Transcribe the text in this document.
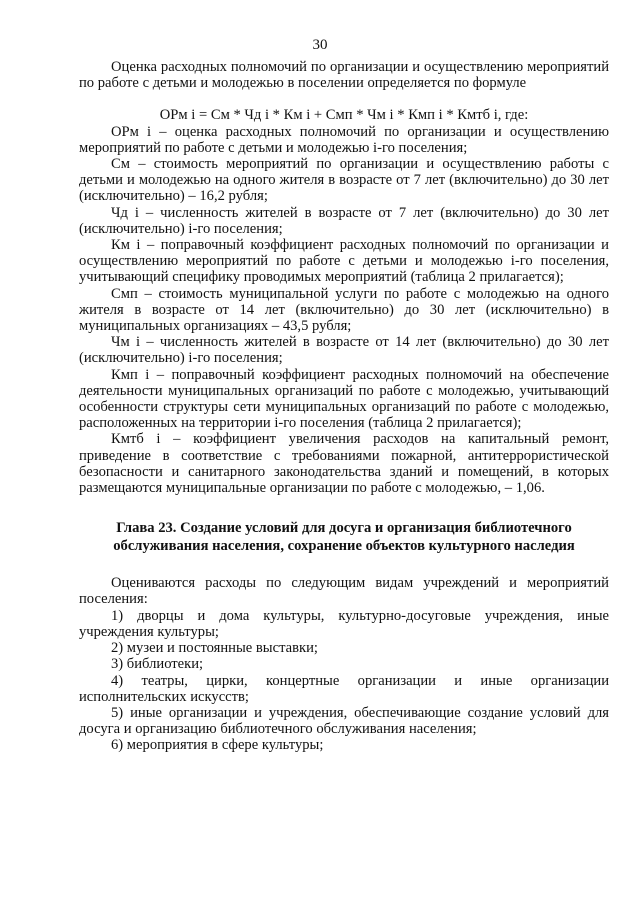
30

Оценка расходных полномочий по организации и осуществлению мероприятий по работе с детьми и молодежью в поселении определяется по формуле

ОРм i = См * Чд i * Км i + Смп * Чм i * Кмп i * Кмтб i, где:

ОРм i – оценка расходных полномочий по организации и осуществлению мероприятий по работе с детьми и молодежью i-го поселения;

См – стоимость мероприятий по организации и осуществлению работы с детьми и молодежью на одного жителя в возрасте от 7 лет (включительно) до 30 лет (исключительно) – 16,2 рубля;

Чд i – численность жителей в возрасте от 7 лет (включительно) до 30 лет (исключительно) i-го поселения;

Км i – поправочный коэффициент расходных полномочий по организации и осуществлению мероприятий по работе с детьми и молодежью i-го поселения, учитывающий специфику проводимых мероприятий (таблица 2 прилагается);

Смп – стоимость муниципальной услуги по работе с молодежью на одного жителя в возрасте от 14 лет (включительно) до 30 лет (исключительно) в муниципальных организациях – 43,5 рубля;

Чм i – численность жителей в возрасте от 14 лет (включительно) до 30 лет (исключительно) i-го поселения;

Кмп i – поправочный коэффициент расходных полномочий на обеспечение деятельности муниципальных организаций по работе с молодежью, учитывающий особенности структуры сети муниципальных организаций по работе с молодежью, расположенных на территории i-го поселения (таблица 2 прилагается);

Кмтб i – коэффициент увеличения расходов на капитальный ремонт, приведение в соответствие с требованиями пожарной, антитеррористической безопасности и санитарного законодательства зданий и помещений, в которых размещаются муниципальные организации по работе с молодежью, – 1,06.

Глава 23. Создание условий для досуга и организация библиотечного
обслуживания населения, сохранение объектов культурного наследия

Оцениваются расходы по следующим видам учреждений и мероприятий поселения:

1) дворцы и дома культуры, культурно-досуговые учреждения, иные учреждения культуры;

2) музеи и постоянные выставки;

3) библиотеки;

4) театры, цирки, концертные организации и иные организации исполнительских искусств;

5) иные организации и учреждения, обеспечивающие создание условий для досуга и организацию библиотечного обслуживания населения;

6) мероприятия в сфере культуры;
